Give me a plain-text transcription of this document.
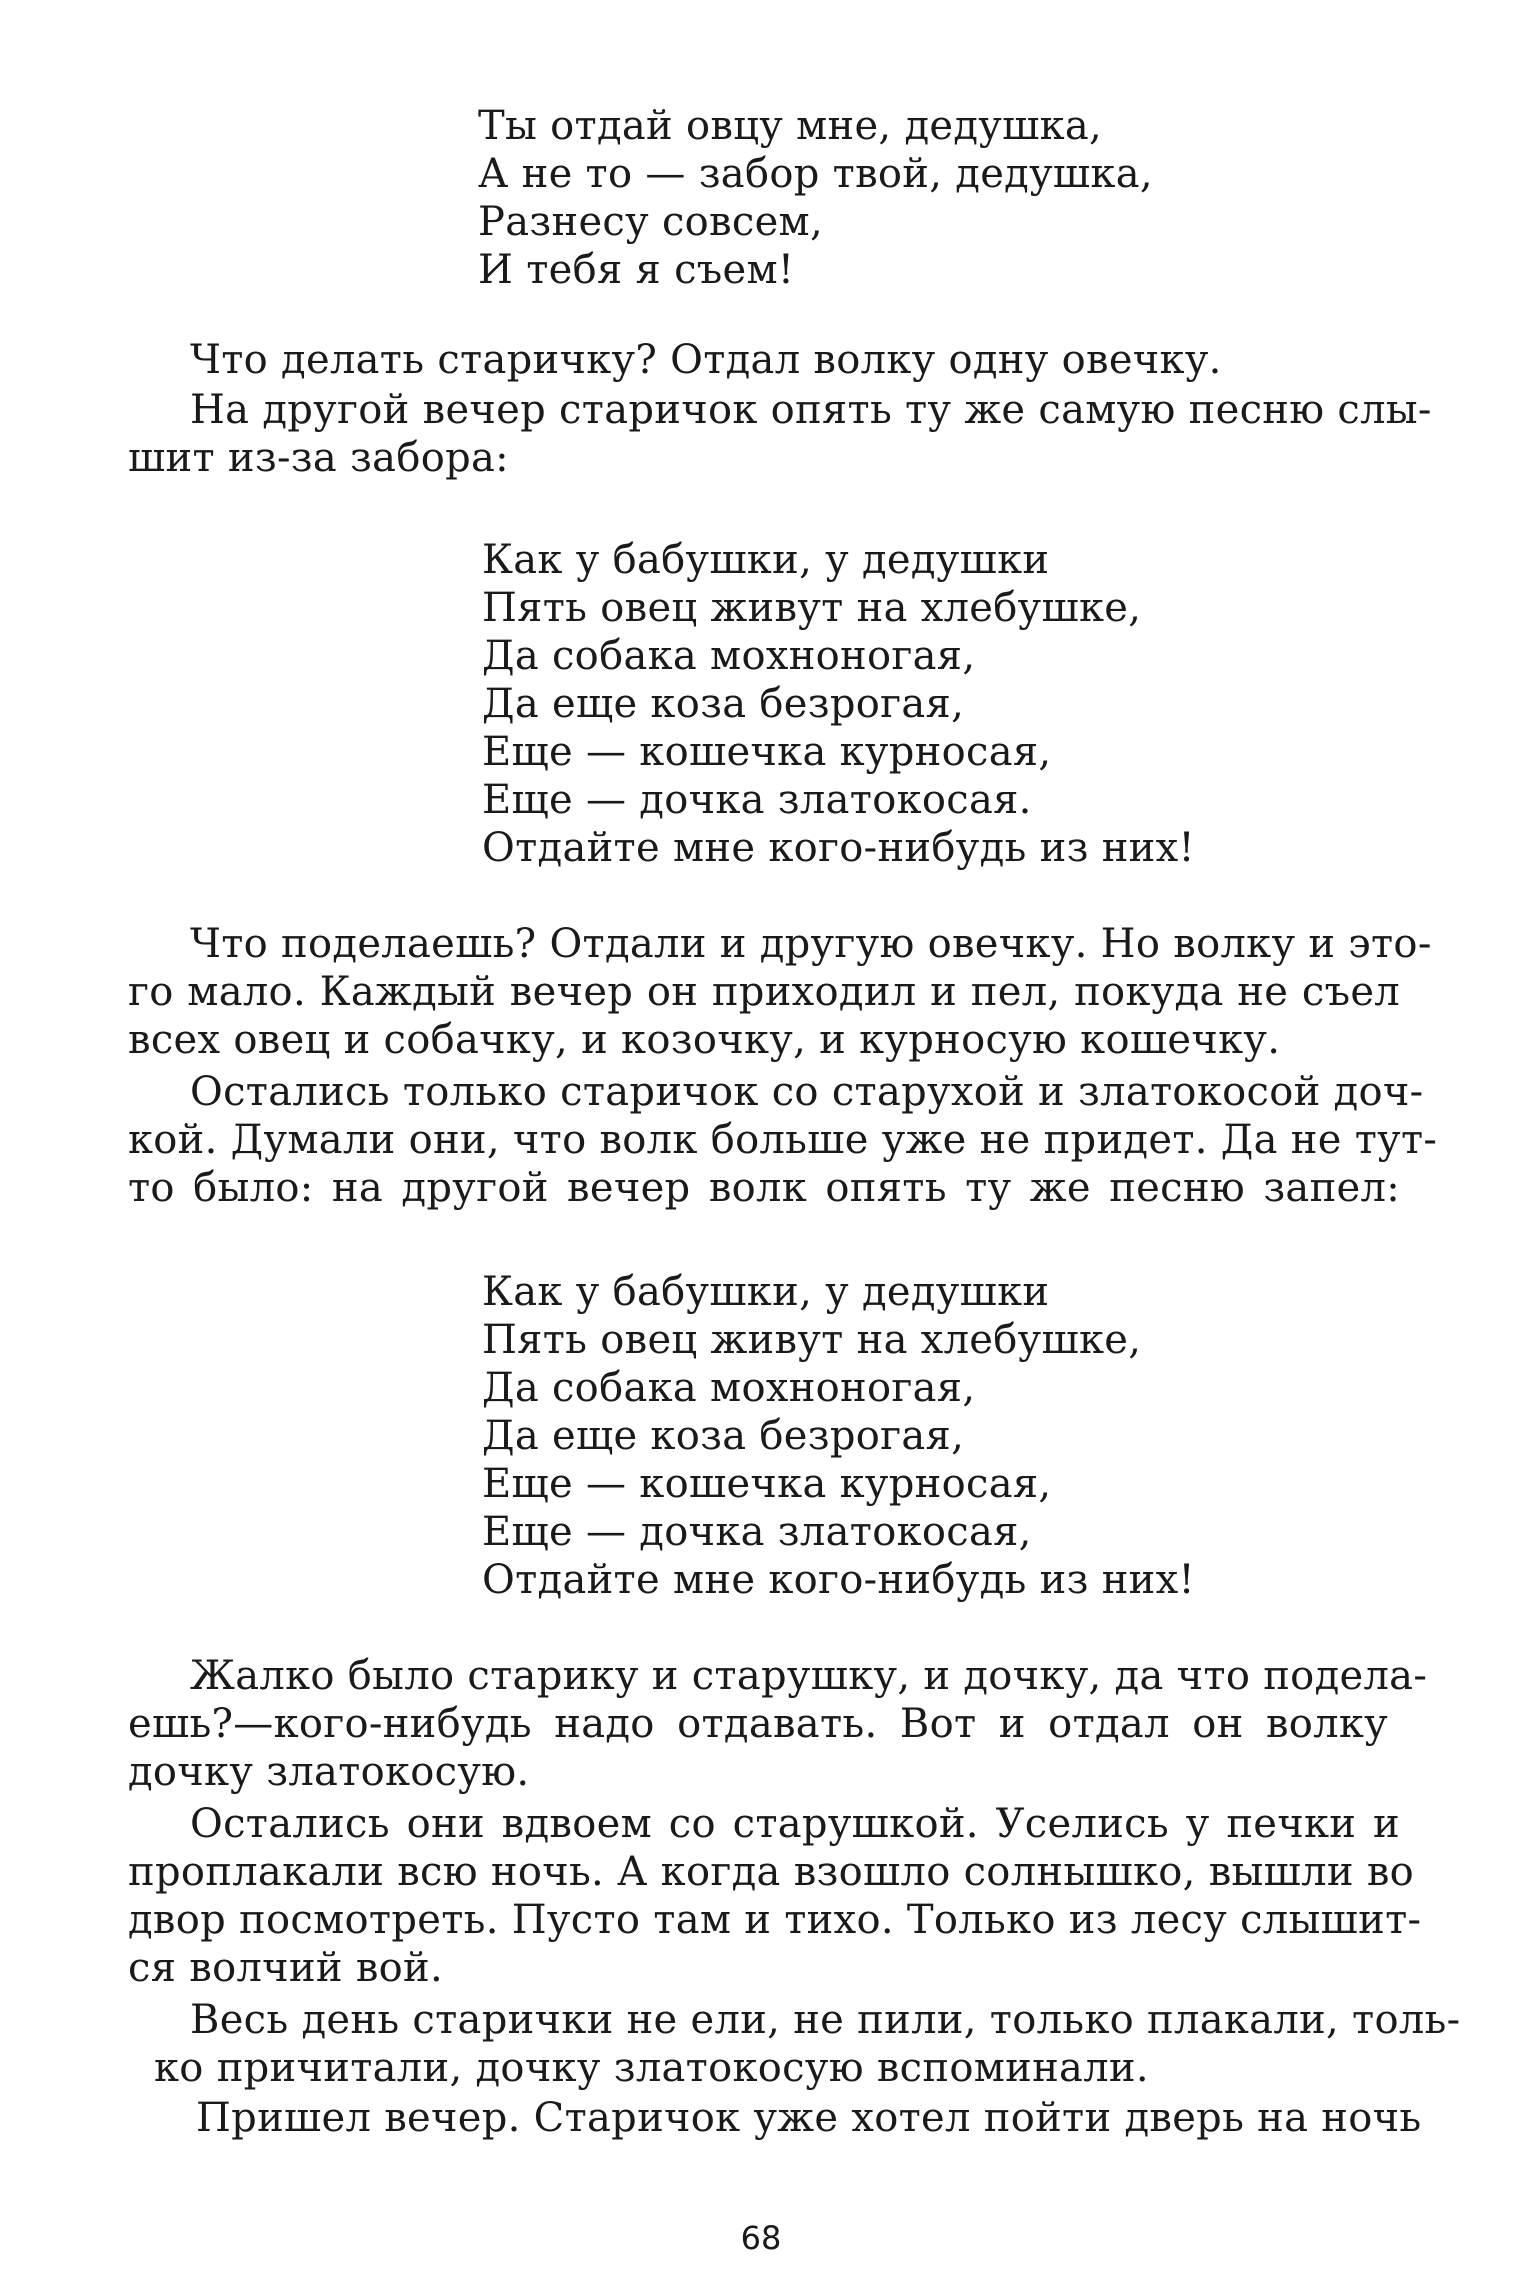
Ты отдай овцу мне, дедушка,
А не то — забор твой, дедушка,
Разнесу совсем,
И тебя я съем!
Что делать старичку? Отдал волку одну овечку.
На другой вечер старичок опять ту же самую песню слы-
шит из-за забора:
Как у бабушки, у дедушки
Пять овец живут на хлебушке,
Да собака мохноногая,
Да еще коза безрогая,
Еще — кошечка курносая,
Еще — дочка златокосая.
Отдайте мне кого-нибудь из них!
Что поделаешь? Отдали и другую овечку. Но волку и это-
го мало. Каждый вечер он приходил и пел, покуда не съел
всех овец и собачку, и козочку, и курносую кошечку.
Остались только старичок со старухой и златокосой доч-
кой. Думали они, что волк больше уже не придет. Да не тут-
то было: на другой вечер волк опять ту же песню запел:
Как у бабушки, у дедушки
Пять овец живут на хлебушке,
Да собака мохноногая,
Да еще коза безрогая,
Еще — кошечка курносая,
Еще — дочка златокосая,
Отдайте мне кого-нибудь из них!
Жалко было старику и старушку, и дочку, да что подела-
ешь?—кого-нибудь надо отдавать. Вот и отдал он волку
дочку златокосую.
Остались они вдвоем со старушкой. Уселись у печки и
проплакали всю ночь. А когда взошло солнышко, вышли во
двор посмотреть. Пусто там и тихо. Только из лесу слышит-
ся волчий вой.
Весь день старички не ели, не пили, только плакали, толь-
ко причитали, дочку златокосую вспоминали.
Пришел вечер. Старичок уже хотел пойти дверь на ночь
68
